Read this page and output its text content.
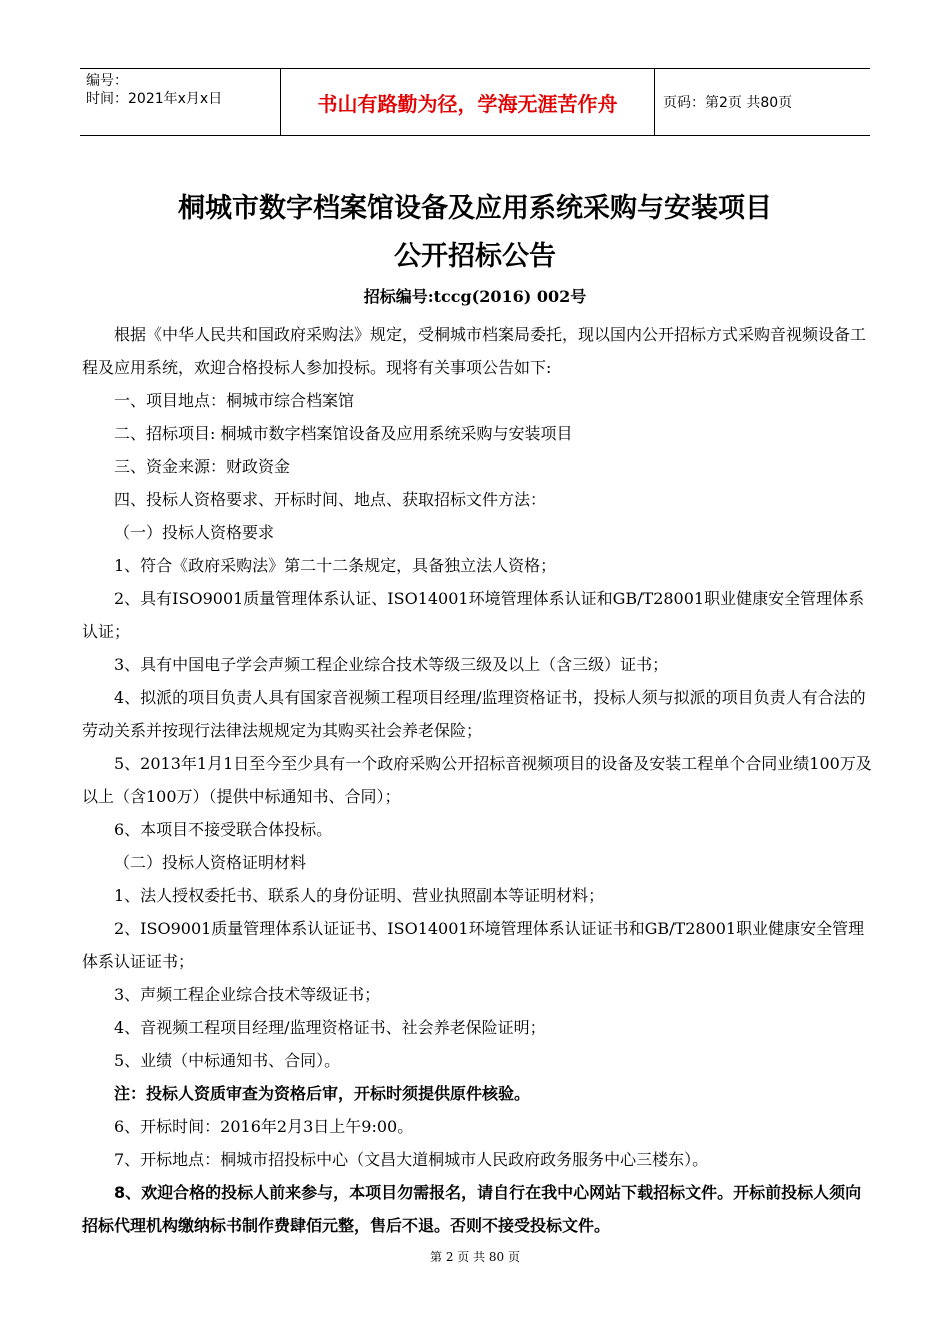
编号：
时间：2021年x月x日	书山有路勤为径，学海无涯苦作舟	页码：第2页 共80页
桐城市数字档案馆设备及应用系统采购与安装项目
公开招标公告
招标编号:tccg(2016) 002号

根据《中华人民共和国政府采购法》规定，受桐城市档案局委托，现以国内公开招标方式采购音视频设备工程及应用系统，欢迎合格投标人参加投标。现将有关事项公告如下:

一、项目地点：桐城市综合档案馆

二、招标项目: 桐城市数字档案馆设备及应用系统采购与安装项目

三、资金来源：财政资金

四、投标人资格要求、开标时间、地点、获取招标文件方法：

（一）投标人资格要求

1、符合《政府采购法》第二十二条规定，具备独立法人资格；

2、具有ISO9001质量管理体系认证、ISO14001环境管理体系认证和GB/T28001职业健康安全管理体系认证；

3、具有中国电子学会声频工程企业综合技术等级三级及以上（含三级）证书；

4、拟派的项目负责人具有国家音视频工程项目经理/监理资格证书，投标人须与拟派的项目负责人有合法的劳动关系并按现行法律法规规定为其购买社会养老保险；

5、2013年1月1日至今至少具有一个政府采购公开招标音视频项目的设备及安装工程单个合同业绩100万及以上（含100万）（提供中标通知书、合同）；

6、本项目不接受联合体投标。

（二）投标人资格证明材料

1、法人授权委托书、联系人的身份证明、营业执照副本等证明材料；

2、ISO9001质量管理体系认证证书、ISO14001环境管理体系认证证书和GB/T28001职业健康安全管理体系认证证书；

3、声频工程企业综合技术等级证书；

4、音视频工程项目经理/监理资格证书、社会养老保险证明；

5、业绩（中标通知书、合同）。

注：投标人资质审查为资格后审，开标时须提供原件核验。

6、开标时间：2016年2月3日上午9:00。

7、开标地点：桐城市招投标中心（文昌大道桐城市人民政府政务服务中心三楼东）。

8、欢迎合格的投标人前来参与，本项目勿需报名，请自行在我中心网站下载招标文件。开标前投标人须向招标代理机构缴纳标书制作费肆佰元整，售后不退。否则不接受投标文件。

第 2 页 共 80 页
